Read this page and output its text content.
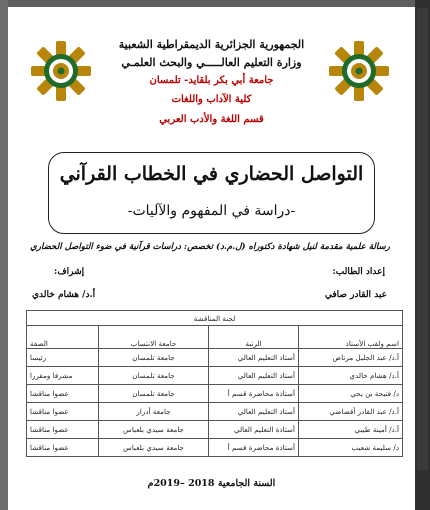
الجمهورية الجزائرية الديمقراطية الشعبية
وزارة التعليم العالـــــي والبحث العلمـي
جامعة أبي بكر بلقايد- تلمسان
كلية الآداب واللغات
قسم اللغة والأدب العربي
التواصل الحضاري في الخطاب القرآني
-دراسة في المفهوم والآليات-
رسالة علمية مقدمة لنيل شهادة دكتوراه (ل.م.د) تخصص: دراسات قرآنية في ضوء التواصل الحضاري
إعداد الطالب:
عبد القادر صافي
إشراف:
أ.د/ هشام خالدي
لجنة المناقشة			
اسم ولقب الأستاذ	الرتبة	جامعة الانتساب	الصفة
أ.د/ عبد الجليل مرتاض	أستاذ التعليم العالي	جامعة تلمسان	رئيسا
أ.د/ هشام خالدي	أستاذ التعليم العالي	جامعة تلمسان	مشرفا ومقررا
د/ فتيحة بن يحي	أستاذة محاضرة قسم أ	جامعة تلمسان	عضوا مناقشا
أ.د/ عبد القادر أقصاصي	أستاذ التعليم العالي	جامعة أدرار	عضوا مناقشا
أ.د/ أمينة طيبي	أستاذة التعليم العالي	جامعة سيدي بلعباس	عضوا مناقشا
د/ سليمة شعيب	أستاذة محاضرة قسم أ	جامعة سيدي بلعباس	عضوا مناقشا
السنة الجامعية 2018 –2019م
